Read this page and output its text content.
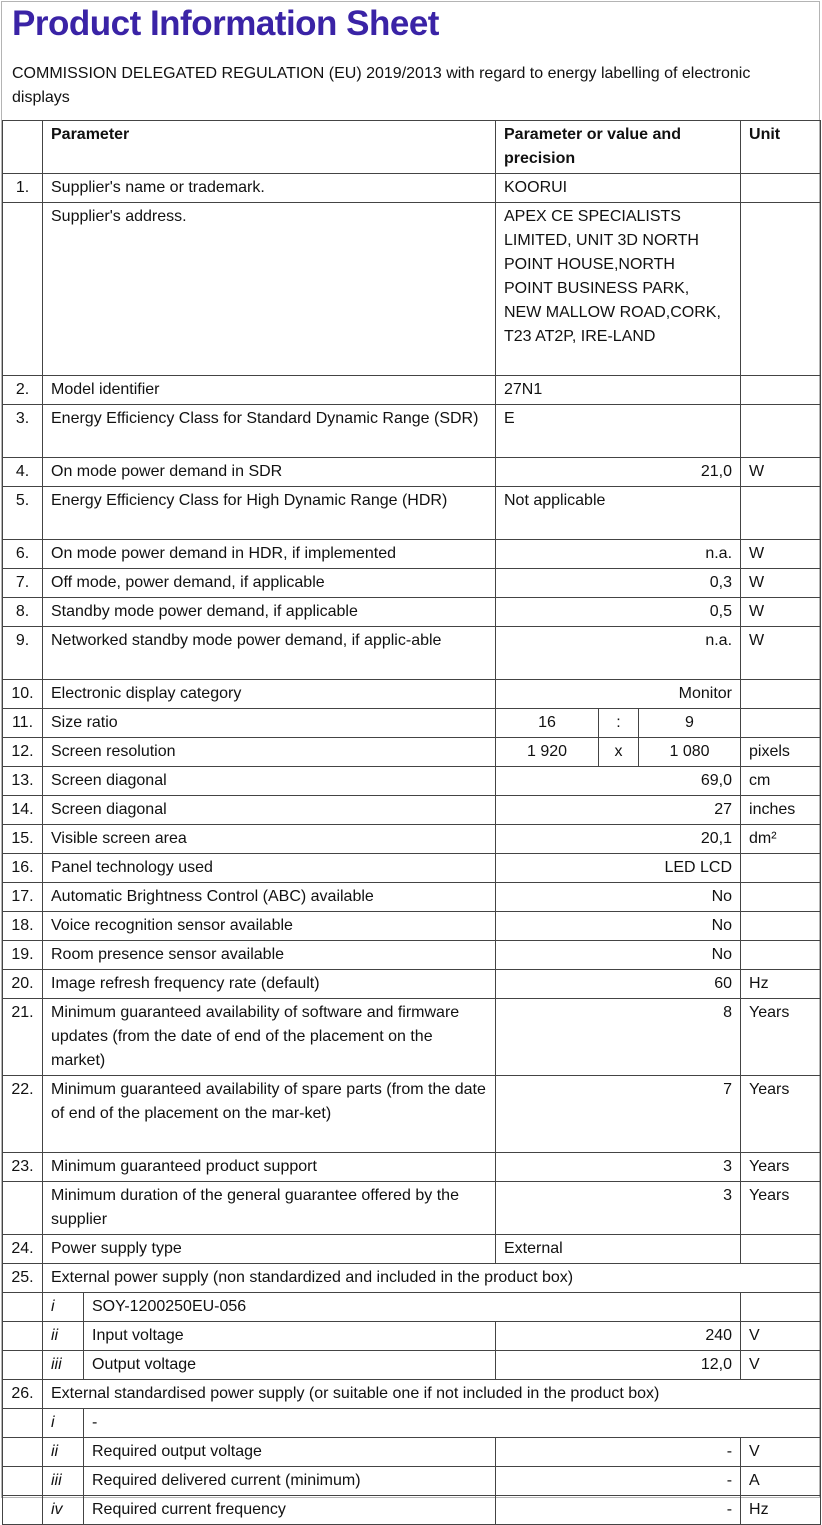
Product Information Sheet
COMMISSION DELEGATED REGULATION (EU) 2019/2013 with regard to energy labelling of electronic displays
	Parameter		Parameter or value and precision			Unit
1.	Supplier's name or trademark.		KOORUI			
	Supplier's address.		APEX CE SPECIALISTS LIMITED, UNIT 3D NORTH POINT HOUSE,NORTH POINT BUSINESS PARK, NEW MALLOW ROAD,CORK, T23 AT2P, IRE-LAND			
2.	Model identifier		27N1			
3.	Energy Efficiency Class for Standard Dynamic Range (SDR)		E			
4.	On mode power demand in SDR		21,0			W
5.	Energy Efficiency Class for High Dynamic Range (HDR)		Not applicable			
6.	On mode power demand in HDR, if implemented		n.a.			W
7.	Off mode, power demand, if applicable		0,3			W
8.	Standby mode power demand, if applicable		0,5			W
9.	Networked standby mode power demand, if applic-able		n.a.			W
10.	Electronic display category		Monitor			
11.	Size ratio		16	:	9	
12.	Screen resolution		1 920	x	1 080	pixels
13.	Screen diagonal		69,0			cm
14.	Screen diagonal		27			inches
15.	Visible screen area		20,1			dm²
16.	Panel technology used		LED LCD			
17.	Automatic Brightness Control (ABC) available		No			
18.	Voice recognition sensor available		No			
19.	Room presence sensor available		No			
20.	Image refresh frequency rate (default)		60			Hz
21.	Minimum guaranteed availability of software and firmware updates (from the date of end of the placement on the market)		8			Years
22.	Minimum guaranteed availability of spare parts (from the date of end of the placement on the mar-ket)		7			Years
23.	Minimum guaranteed product support		3			Years
	Minimum duration of the general guarantee offered by the supplier		3			Years
24.	Power supply type		External			
25.	External power supply (non standardized and included in the product box)					
	i	SOY-1200250EU-056				
	ii	Input voltage	240			V
	iii	Output voltage	12,0			V
26.	External standardised power supply (or suitable one if not included in the product box)					
	i	-				
	ii	Required output voltage	-			V
	iii	Required delivered current (minimum)	-			A
	iv	Required current frequency	-			Hz
